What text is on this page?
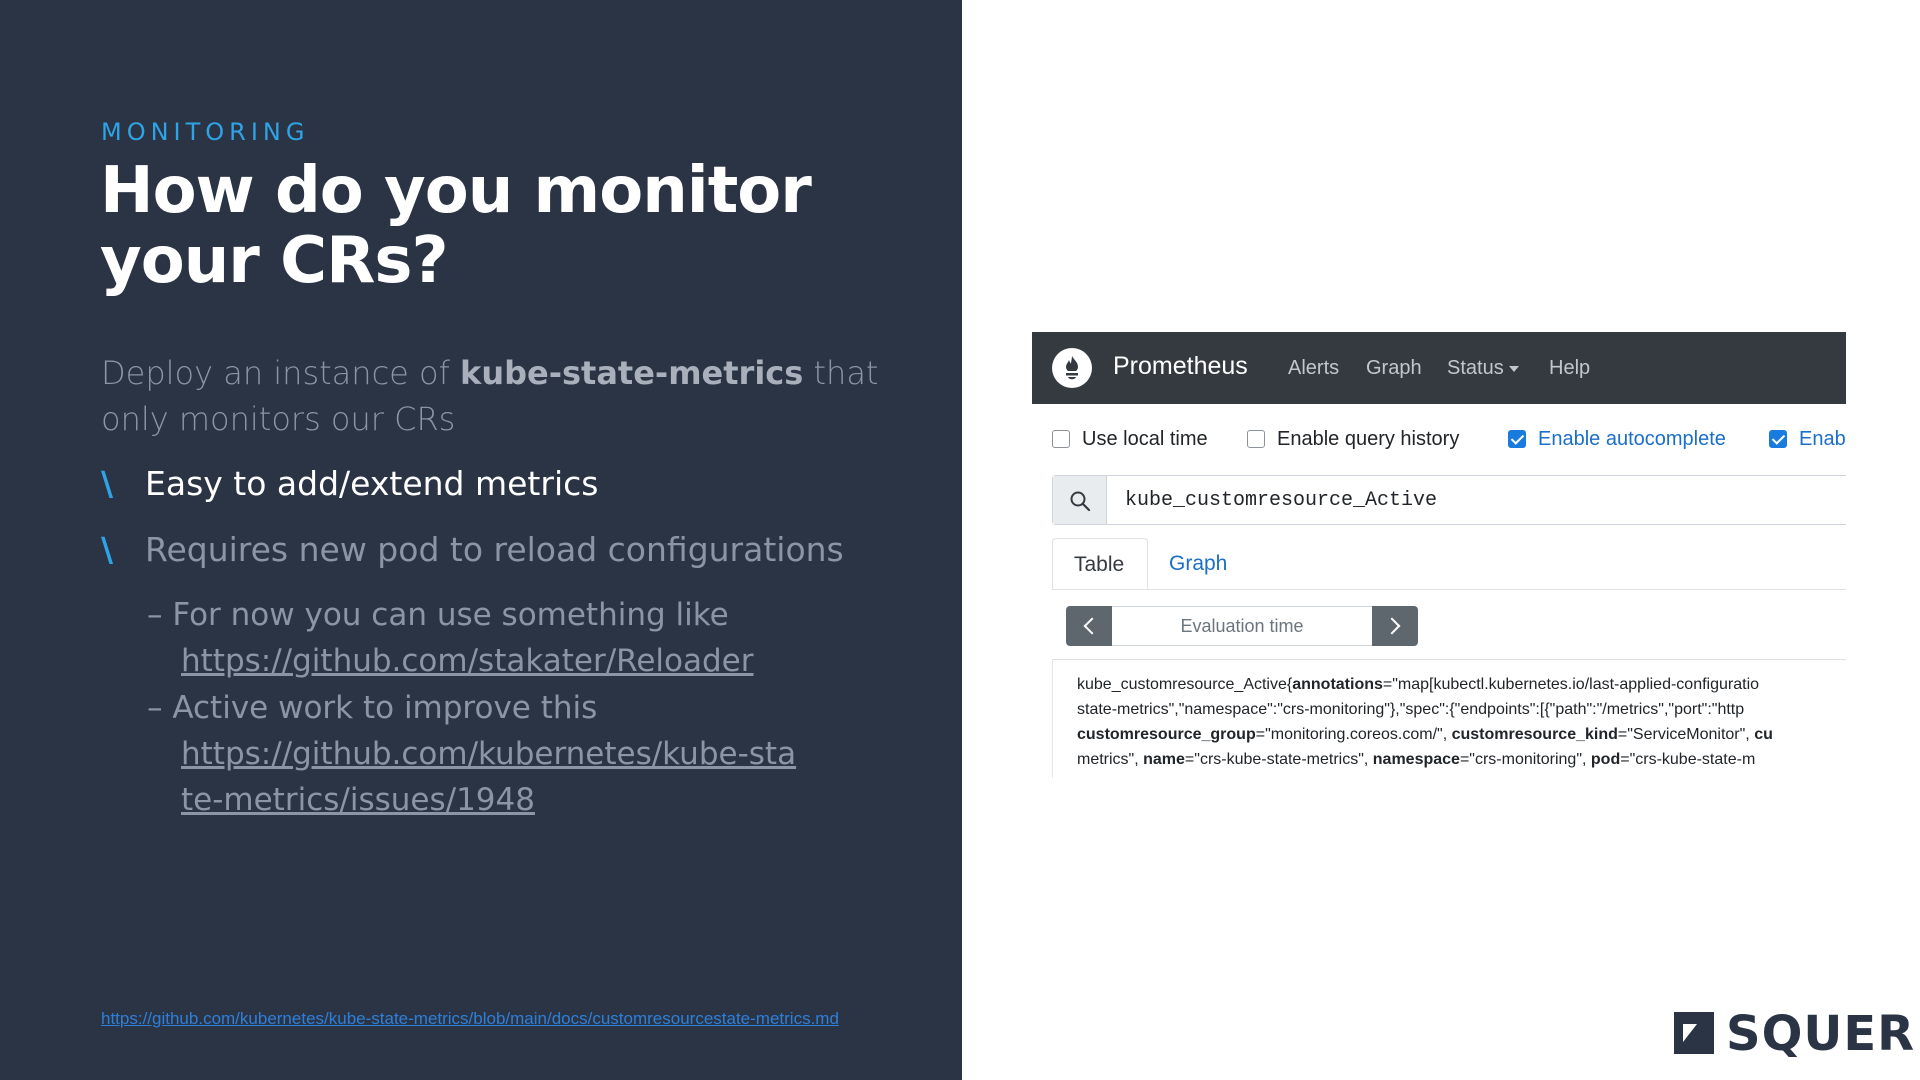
MONITORING
How do you monitor
your CRs?
Deploy an instance of kube-state-metrics that only monitors our CRs
\ Easy to add/extend metrics
\ Requires new pod to reload configurations
– For now you can use something like
https://github.com/stakater/Reloader
– Active work to improve this
https://github.com/kubernetes/kube-state-metrics/issues/1948
https://github.com/kubernetes/kube-state-metrics/blob/main/docs/customresourcestate-metrics.md
Prometheus Alerts Graph Status	Help
Use local time	Enable query history	Enable autocomplete	Enab
kube_customresource_Active
Table	Graph
Evaluation time
kube_customresource_Active{annotations="map[kubectl.kubernetes.io/last-applied-configuratio
state-metrics","namespace":"crs-monitoring"},"spec":{"endpoints":[{"path":"/metrics","port":"http
customresource_group="monitoring.coreos.com/", customresource_kind="ServiceMonitor", cu
metrics", name="crs-kube-state-metrics", namespace="crs-monitoring", pod="crs-kube-state-m
SQUER
